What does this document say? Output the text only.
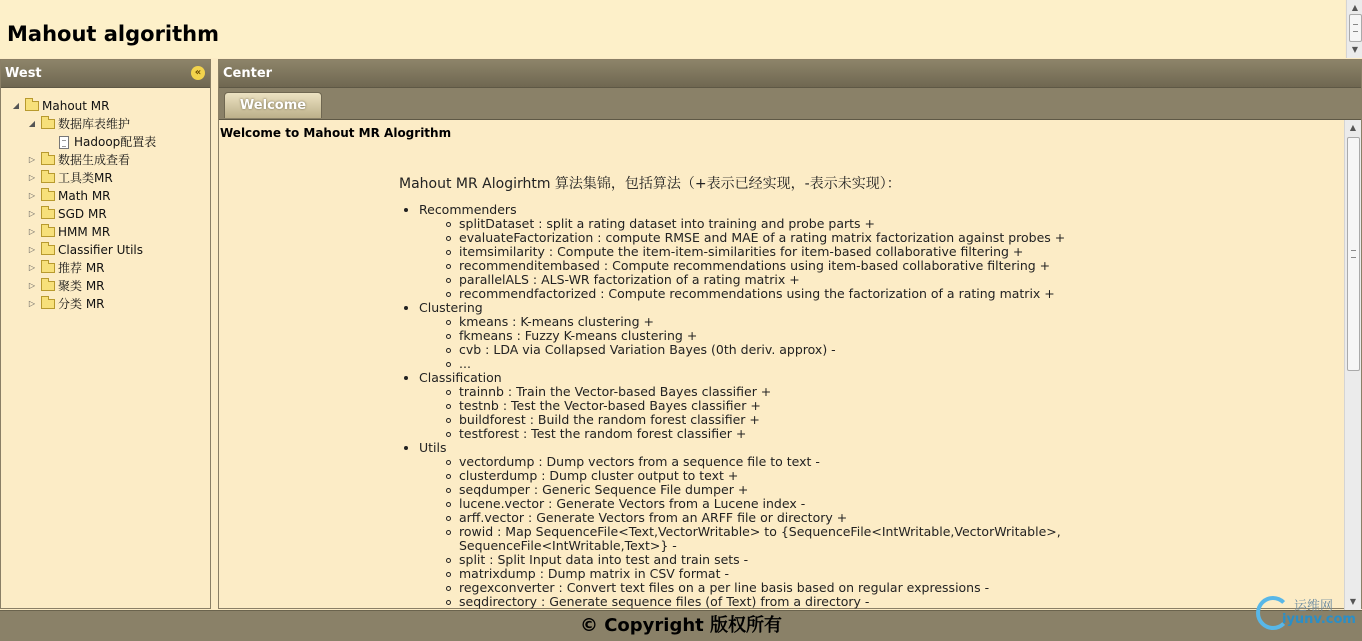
Mahout algorithm
▲
▼
West	«
◢ Mahout MR
◢ 数据库表维护
Hadoop配置表
▷ 数据生成查看
▷ 工具类MR
▷ Math MR
▷ SGD MR
▷ HMM MR
▷ Classifier Utils
▷ 推荐 MR
▷ 聚类 MR
▷ 分类 MR
Center
Welcome
Welcome to Mahout MR Alogrithm
Mahout MR Alogirhtm 算法集锦，包括算法（+表示已经实现，-表示未实现）：
Recommenders
splitDataset : split a rating dataset into training and probe parts +
evaluateFactorization : compute RMSE and MAE of a rating matrix factorization against probes +
itemsimilarity : Compute the item-item-similarities for item-based collaborative filtering +
recommenditembased : Compute recommendations using item-based collaborative filtering +
parallelALS : ALS-WR factorization of a rating matrix +
recommendfactorized : Compute recommendations using the factorization of a rating matrix +
Clustering
kmeans : K-means clustering +
fkmeans : Fuzzy K-means clustering +
cvb : LDA via Collapsed Variation Bayes (0th deriv. approx) -
...
Classification
trainnb : Train the Vector-based Bayes classifier +
testnb : Test the Vector-based Bayes classifier +
buildforest : Build the random forest classifier +
testforest : Test the random forest classifier +
Utils
vectordump : Dump vectors from a sequence file to text -
clusterdump : Dump cluster output to text +
seqdumper : Generic Sequence File dumper +
lucene.vector : Generate Vectors from a Lucene index -
arff.vector : Generate Vectors from an ARFF file or directory +
rowid : Map SequenceFile<Text,VectorWritable> to {SequenceFile<IntWritable,VectorWritable>, SequenceFile<IntWritable,Text>} -
split : Split Input data into test and train sets -
matrixdump : Dump matrix in CSV format -
regexconverter : Convert text files on a per line basis based on regular expressions -
seqdirectory : Generate sequence files (of Text) from a directory -
▲
▼
© Copyright 版权所有
运维网
iyunv.com
